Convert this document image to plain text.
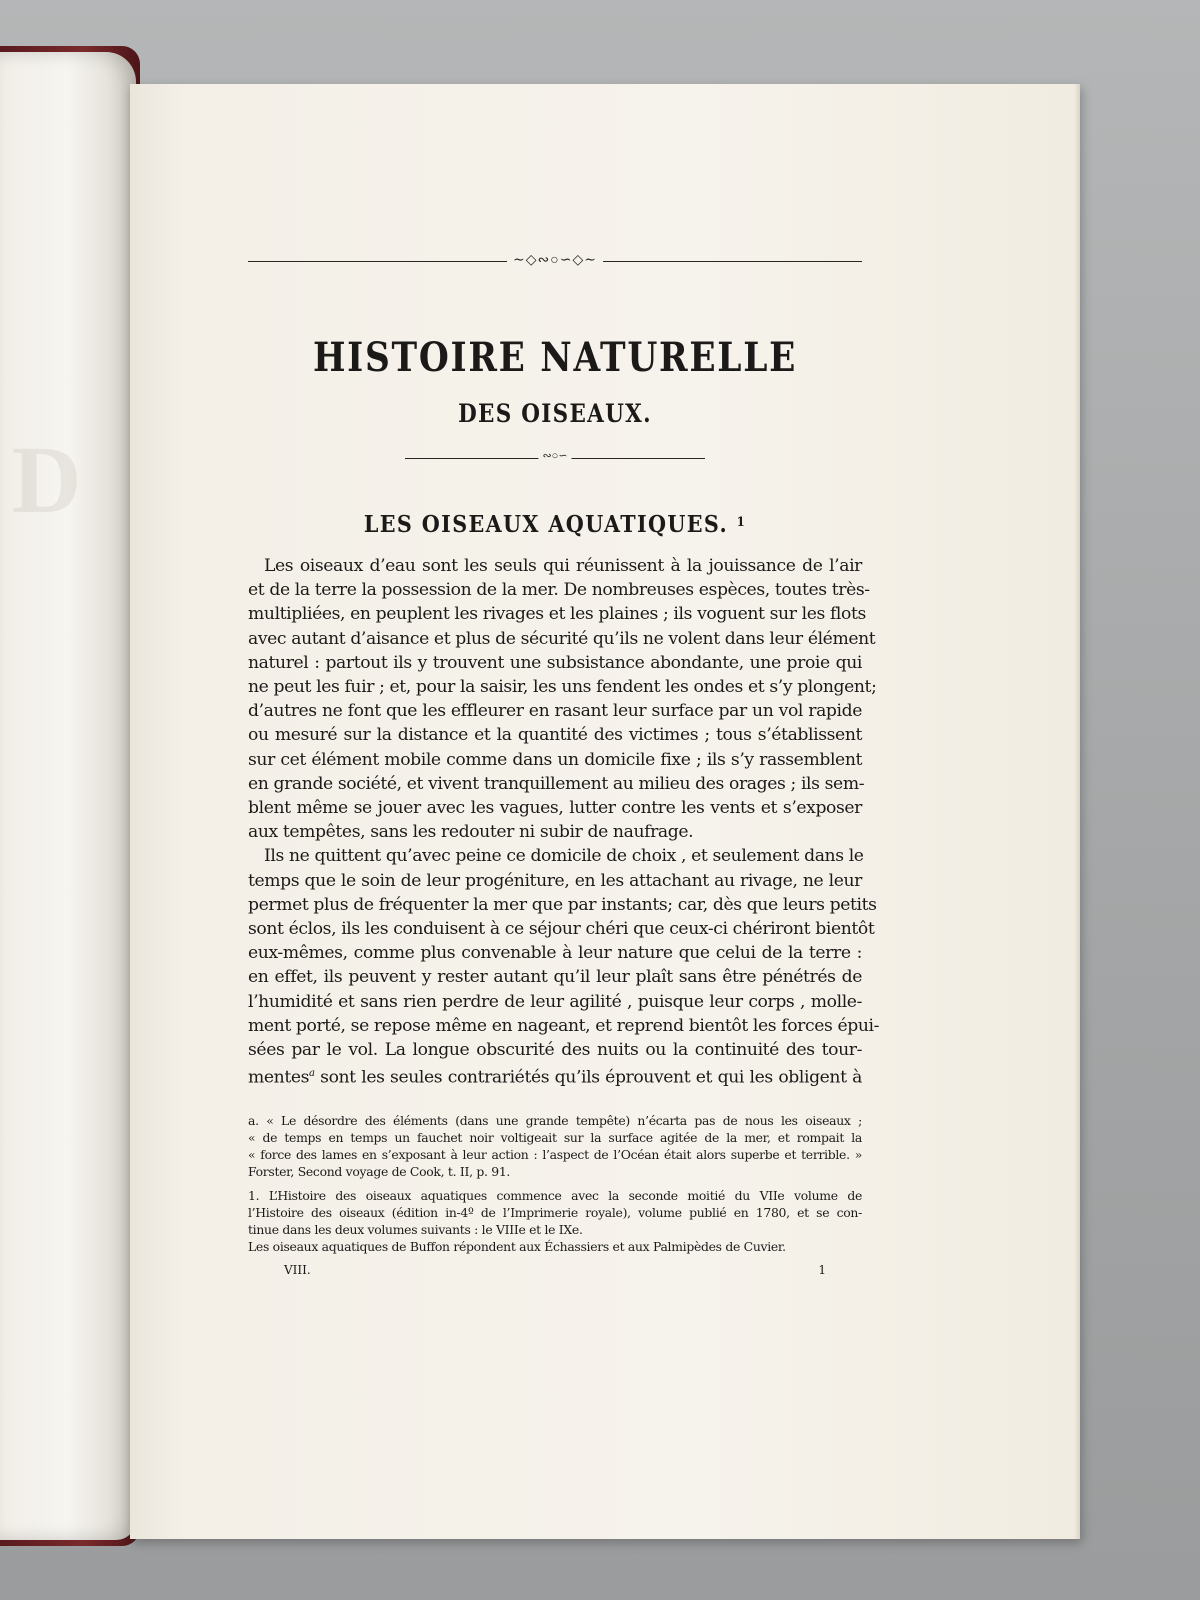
D
∼◇∾○∽◇∼
HISTOIRE NATURELLE
DES OISEAUX.
∾○∽
LES OISEAUX AQUATIQUES. $^1$

Les oiseaux d’eau sont les seuls qui réunissent à la jouissance de l’air
et de la terre la possession de la mer. De nombreuses espèces, toutes très-
multipliées, en peuplent les rivages et les plaines ; ils voguent sur les flots
avec autant d’aisance et plus de sécurité qu’ils ne volent dans leur élément
naturel : partout ils y trouvent une subsistance abondante, une proie qui
ne peut les fuir ; et, pour la saisir, les uns fendent les ondes et s’y plongent;
d’autres ne font que les effleurer en rasant leur surface par un vol rapide
ou mesuré sur la distance et la quantité des victimes ; tous s’établissent
sur cet élément mobile comme dans un domicile fixe ; ils s’y rassemblent
en grande société, et vivent tranquillement au milieu des orages ; ils sem-
blent même se jouer avec les vagues, lutter contre les vents et s’exposer
aux tempêtes, sans les redouter ni subir de naufrage.

Ils ne quittent qu’avec peine ce domicile de choix , et seulement dans le
temps que le soin de leur progéniture, en les attachant au rivage, ne leur
permet plus de fréquenter la mer que par instants; car, dès que leurs petits
sont éclos, ils les conduisent à ce séjour chéri que ceux-ci chériront bientôt
eux-mêmes, comme plus convenable à leur nature que celui de la terre :
en effet, ils peuvent y rester autant qu’il leur plaît sans être pénétrés de
l’humidité et sans rien perdre de leur agilité , puisque leur corps , molle-
ment porté, se repose même en nageant, et reprend bientôt les forces épui-
sées par le vol. La longue obscurité des nuits ou la continuité des tour-
mentes$^a$ sont les seules contrariétés qu’ils éprouvent et qui les obligent à

a. « Le désordre des éléments (dans une grande tempête) n’écarta pas de nous les oiseaux ;
« de temps en temps un fauchet noir voltigeait sur la surface agitée de la mer, et rompait la
« force des lames en s’exposant à leur action : l’aspect de l’Océan était alors superbe et terrible. »
Forster, Second voyage de Cook, t. II, p. 91.
1. L’Histoire des oiseaux aquatiques commence avec la seconde moitié du VIIe volume de
l’Histoire des oiseaux (édition in-4º de l’Imprimerie royale), volume publié en 1780, et se con-
tinue dans les deux volumes suivants : le VIIIe et le IXe.
Les oiseaux aquatiques de Buffon répondent aux Échassiers et aux Palmipèdes de Cuvier.
VIII.	1
